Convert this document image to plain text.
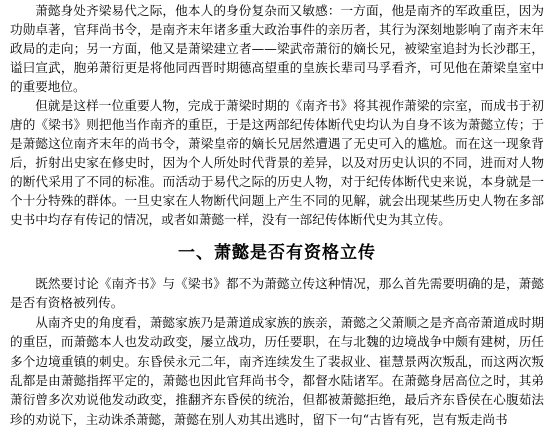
萧懿身处齐梁易代之际，他本人的身份复杂而又敏感：一方面，他是南齐的军政重臣，因为功勋卓著，官拜尚书令，是南齐末年诸多重大政治事件的亲历者，其行为深刻地影响了南齐末年政局的走向；另一方面，他又是萧梁建立者——梁武帝萧衍的嫡长兄，被梁室追封为长沙郡王，谥曰宣武，胞弟萧衍更是将他同西晋时期德高望重的皇族长辈司马孚看齐，可见他在萧梁皇室中的重要地位。

但就是这样一位重要人物，完成于萧梁时期的《南齐书》将其视作萧梁的宗室，而成书于初唐的《梁书》则把他当作南齐的重臣，于是这两部纪传体断代史均认为自身不该为萧懿立传；于是萧懿这位南齐末年的尚书令，萧梁皇帝的嫡长兄居然遭遇了无史可入的尴尬。而在这一现象背后，折射出史家在修史时，因为个人所处时代背景的差异，以及对历史认识的不同，进而对人物的断代采用了不同的标准。而活动于易代之际的历史人物，对于纪传体断代史来说，本身就是一个十分特殊的群体。一旦史家在人物断代问题上产生不同的见解，就会出现某些历史人物在多部史书中均存有传记的情况，或者如萧懿一样，没有一部纪传体断代史为其立传。

一、萧懿是否有资格立传

既然要讨论《南齐书》与《梁书》都不为萧懿立传这种情况，那么首先需要明确的是，萧懿是否有资格被列传。

从南齐史的角度看，萧懿家族乃是萧道成家族的族亲，萧懿之父萧顺之是齐高帝萧道成时期的重臣，而萧懿本人也发动政变，屡立战功，历任要职，在与北魏的边境战争中颇有建树，历任多个边境重镇的刺史。东昏侯永元二年，南齐连续发生了裴叔业、崔慧景两次叛乱，而这两次叛乱都是由萧懿指挥平定的，萧懿也因此官拜尚书令，都督水陆诸军。在萧懿身居高位之时，其弟萧衍曾多次劝说他发动政变，推翻齐东昏侯的统治，但都被萧懿拒绝，最后齐东昏侯在心腹茹法珍的劝说下，主动诛杀萧懿，萧懿在别人劝其出逃时，留下一句“古皆有死，岂有叛走尚书
